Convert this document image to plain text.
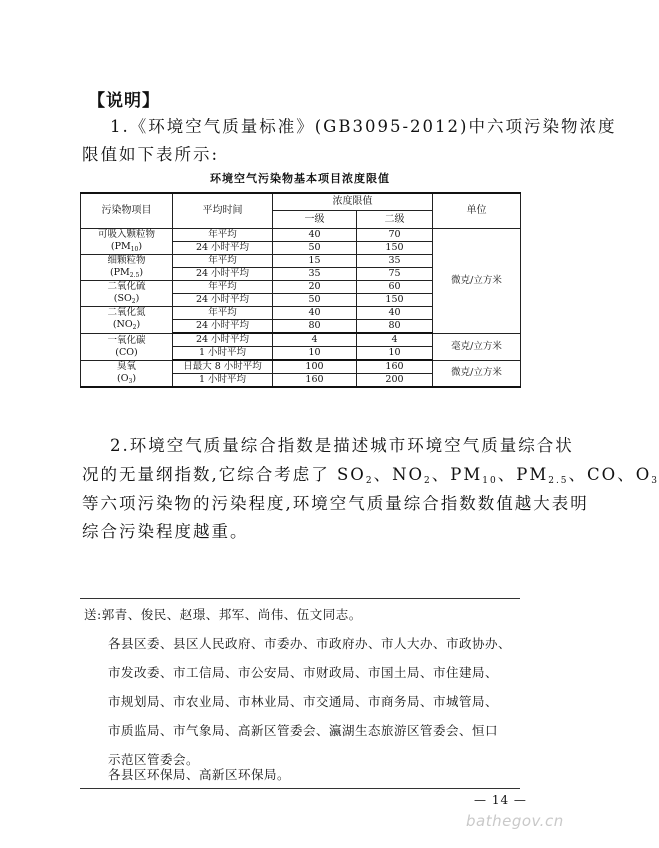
【说明】
1.《环境空气质量标准》(GB3095-2012)中六项污染物浓度
限值如下表所示:
环境空气污染物基本项目浓度限值
污染物项目	平均时间	浓度限值		单位
		一级	二级	
可吸入颗粒物
$(PM_{10})$	年平均	40	70	微克/立方米
	24 小时平均	50	150	
细颗粒物
$(PM_{2.5})$	年平均	15	35	
	24 小时平均	35	75	
二氧化硫
$(SO_2)$	年平均	20	60	
	24 小时平均	50	150	
二氧化氮
$(NO_2)$	年平均	40	40	
	24 小时平均	80	80	
一氧化碳
(CO)	24 小时平均	4	4	毫克/立方米
	1 小时平均	10	10	
臭氧
$(O_3)$	日最大 8 小时平均	100	160	微克/立方米
	1 小时平均	160	200	
2.环境空气质量综合指数是描述城市环境空气质量综合状
况的无量纲指数,它综合考虑了 SO2、NO2、PM10、PM2.5、CO、O3
等六项污染物的污染程度,环境空气质量综合指数数值越大表明
综合污染程度越重。
送:郭青、俊民、赵璟、邦军、尚伟、伍文同志。
各县区委、县区人民政府、市委办、市政府办、市人大办、市政协办、
市发改委、市工信局、市公安局、市财政局、市国土局、市住建局、
市规划局、市农业局、市林业局、市交通局、市商务局、市城管局、
市质监局、市气象局、高新区管委会、瀛湖生态旅游区管委会、恒口
示范区管委会。
各县区环保局、高新区环保局。
— 14 —
bathegov.cn
